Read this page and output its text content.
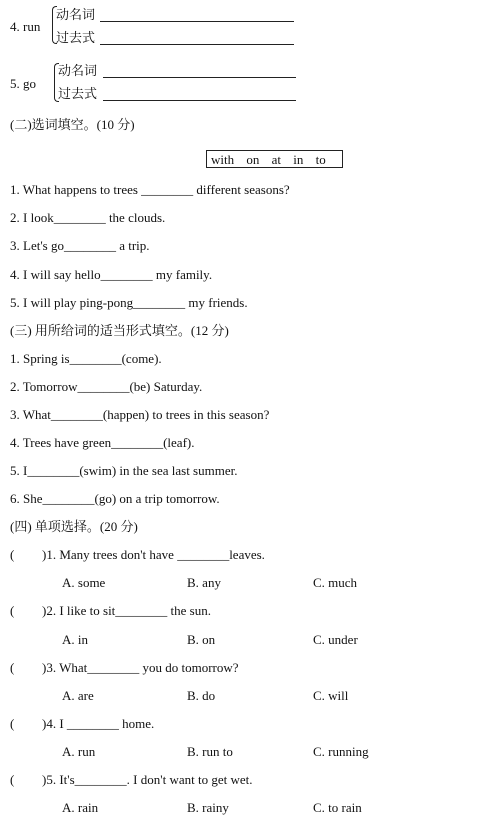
4. run
动名词
过去式
5. go
动名词
过去式
(二)选词填空。(10 分)
with on at in to
1. What happens to trees ________ different seasons?
2. I look________ the clouds.
3. Let's go________ a trip.
4. I will say hello________ my family.
5. I will play ping-pong________ my friends.
(三) 用所给词的适当形式填空。(12 分)
1. Spring is________(come).
2. Tomorrow________(be) Saturday.
3. What________(happen) to trees in this season?
4. Trees have green________(leaf).
5. I________(swim) in the sea last summer.
6. She________(go) on a trip tomorrow.
(四) 单项选择。(20 分)
( )1. Many trees don't have ________leaves.
A. some	B. any	C. much
( )2. I like to sit________ the sun.
A. in	B. on	C. under
( )3. What________ you do tomorrow?
A. are	B. do	C. will
( )4. I ________ home.
A. run	B. run to	C. running
( )5. It's________. I don't want to get wet.
A. rain	B. rainy	C. to rain
